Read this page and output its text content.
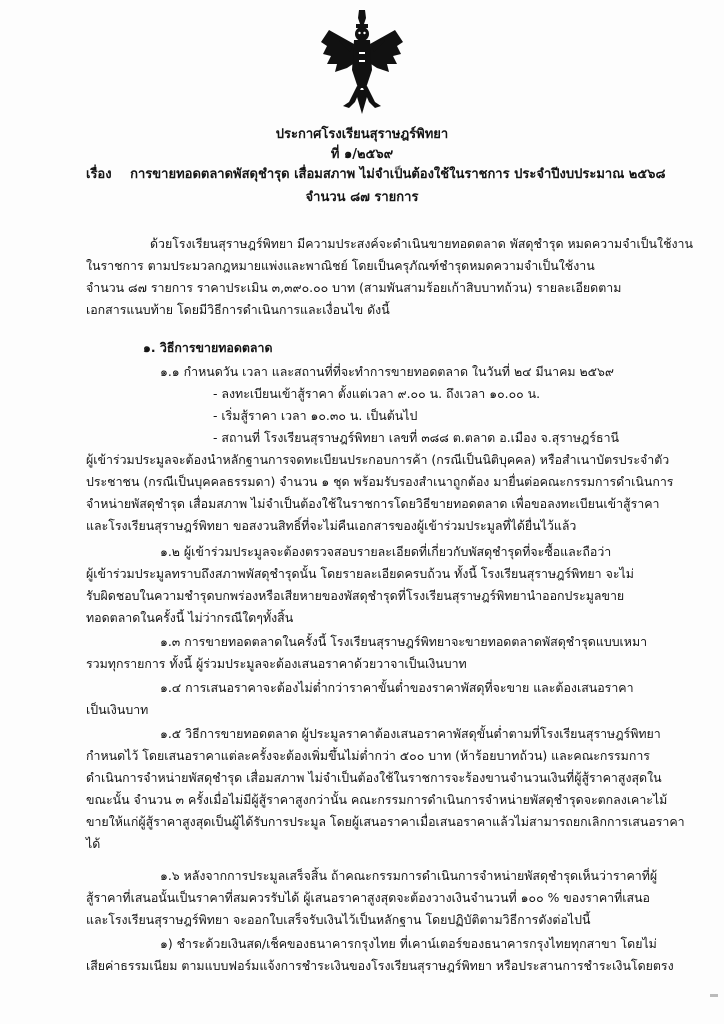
ประกาศโรงเรียนสุราษฎร์พิทยา
ที่ ๑/๒๕๖๙
เรื่อง การขายทอดตลาดพัสดุชำรุด เสื่อมสภาพ ไม่จำเป็นต้องใช้ในราชการ ประจำปีงบประมาณ ๒๕๖๘
จำนวน ๘๗ รายการ
ด้วยโรงเรียนสุราษฎร์พิทยา มีความประสงค์จะดำเนินขายทอดตลาด พัสดุชำรุด หมดความจำเป็นใช้งาน
ในราชการ ตามประมวลกฎหมายแพ่งและพาณิชย์ โดยเป็นครุภัณฑ์ชำรุดหมดความจำเป็นใช้งาน
จำนวน ๘๗ รายการ ราคาประเมิน ๓,๓๙๐.๐๐ บาท (สามพันสามร้อยเก้าสิบบาทถ้วน) รายละเอียดตาม
เอกสารแนบท้าย โดยมีวิธีการดำเนินการและเงื่อนไข ดังนี้
๑. วิธีการขายทอดตลาด
๑.๑ กำหนดวัน เวลา และสถานที่ที่จะทำการขายทอดตลาด ในวันที่ ๒๔ มีนาคม ๒๕๖๙
- ลงทะเบียนเข้าสู้ราคา ตั้งแต่เวลา ๙.๐๐ น. ถึงเวลา ๑๐.๐๐ น.
- เริ่มสู้ราคา เวลา ๑๐.๓๐ น. เป็นต้นไป
- สถานที่ โรงเรียนสุราษฎร์พิทยา เลขที่ ๓๘๘ ต.ตลาด อ.เมือง จ.สุราษฎร์ธานี
ผู้เข้าร่วมประมูลจะต้องนำหลักฐานการจดทะเบียนประกอบการค้า (กรณีเป็นนิติบุคคล) หรือสำเนาบัตรประจำตัว
ประชาชน (กรณีเป็นบุคคลธรรมดา) จำนวน ๑ ชุด พร้อมรับรองสำเนาถูกต้อง มายื่นต่อคณะกรรมการดำเนินการ
จำหน่ายพัสดุชำรุด เสื่อมสภาพ ไม่จำเป็นต้องใช้ในราชการโดยวิธีขายทอดตลาด เพื่อขอลงทะเบียนเข้าสู้ราคา
และโรงเรียนสุราษฎร์พิทยา ขอสงวนสิทธิ์ที่จะไม่คืนเอกสารของผู้เข้าร่วมประมูลที่ได้ยื่นไว้แล้ว
๑.๒ ผู้เข้าร่วมประมูลจะต้องตรวจสอบรายละเอียดที่เกี่ยวกับพัสดุชำรุดที่จะซื้อและถือว่า
ผู้เข้าร่วมประมูลทราบถึงสภาพพัสดุชำรุดนั้น โดยรายละเอียดครบถ้วน ทั้งนี้ โรงเรียนสุราษฎร์พิทยา จะไม่
รับผิดชอบในความชำรุดบกพร่องหรือเสียหายของพัสดุชำรุดที่โรงเรียนสุราษฎร์พิทยานำออกประมูลขาย
ทอดตลาดในครั้งนี้ ไม่ว่ากรณีใดๆทั้งสิ้น
๑.๓ การขายทอดตลาดในครั้งนี้ โรงเรียนสุราษฎร์พิทยาจะขายทอดตลาดพัสดุชำรุดแบบเหมา
รวมทุกรายการ ทั้งนี้ ผู้ร่วมประมูลจะต้องเสนอราคาด้วยวาจาเป็นเงินบาท
๑.๔ การเสนอราคาจะต้องไม่ต่ำกว่าราคาขั้นต่ำของราคาพัสดุที่จะขาย และต้องเสนอราคา
เป็นเงินบาท
๑.๕ วิธีการขายทอดตลาด ผู้ประมูลราคาต้องเสนอราคาพัสดุขั้นต่ำตามที่โรงเรียนสุราษฎร์พิทยา
กำหนดไว้ โดยเสนอราคาแต่ละครั้งจะต้องเพิ่มขึ้นไม่ต่ำกว่า ๕๐๐ บาท (ห้าร้อยบาทถ้วน) และคณะกรรมการ
ดำเนินการจำหน่ายพัสดุชำรุด เสื่อมสภาพ ไม่จำเป็นต้องใช้ในราชการจะร้องขานจำนวนเงินที่ผู้สู้ราคาสูงสุดใน
ขณะนั้น จำนวน ๓ ครั้งเมื่อไม่มีผู้สู้ราคาสูงกว่านั้น คณะกรรมการดำเนินการจำหน่ายพัสดุชำรุดจะตกลงเคาะไม้
ขายให้แก่ผู้สู้ราคาสูงสุดเป็นผู้ได้รับการประมูล โดยผู้เสนอราคาเมื่อเสนอราคาแล้วไม่สามารถยกเลิกการเสนอราคา
ได้
๑.๖ หลังจากการประมูลเสร็จสิ้น ถ้าคณะกรรมการดำเนินการจำหน่ายพัสดุชำรุดเห็นว่าราคาที่ผู้
สู้ราคาที่เสนอนั้นเป็นราคาที่สมควรรับได้ ผู้เสนอราคาสูงสุดจะต้องวางเงินจำนวนที่ ๑๐๐ % ของราคาที่เสนอ
และโรงเรียนสุราษฎร์พิทยา จะออกใบเสร็จรับเงินไว้เป็นหลักฐาน โดยปฏิบัติตามวิธีการดังต่อไปนี้
๑) ชำระด้วยเงินสด/เช็คของธนาคารกรุงไทย ที่เคาน์เตอร์ของธนาคารกรุงไทยทุกสาขา โดยไม่
เสียค่าธรรมเนียม ตามแบบฟอร์มแจ้งการชำระเงินของโรงเรียนสุราษฎร์พิทยา หรือประสานการชำระเงินโดยตรง
